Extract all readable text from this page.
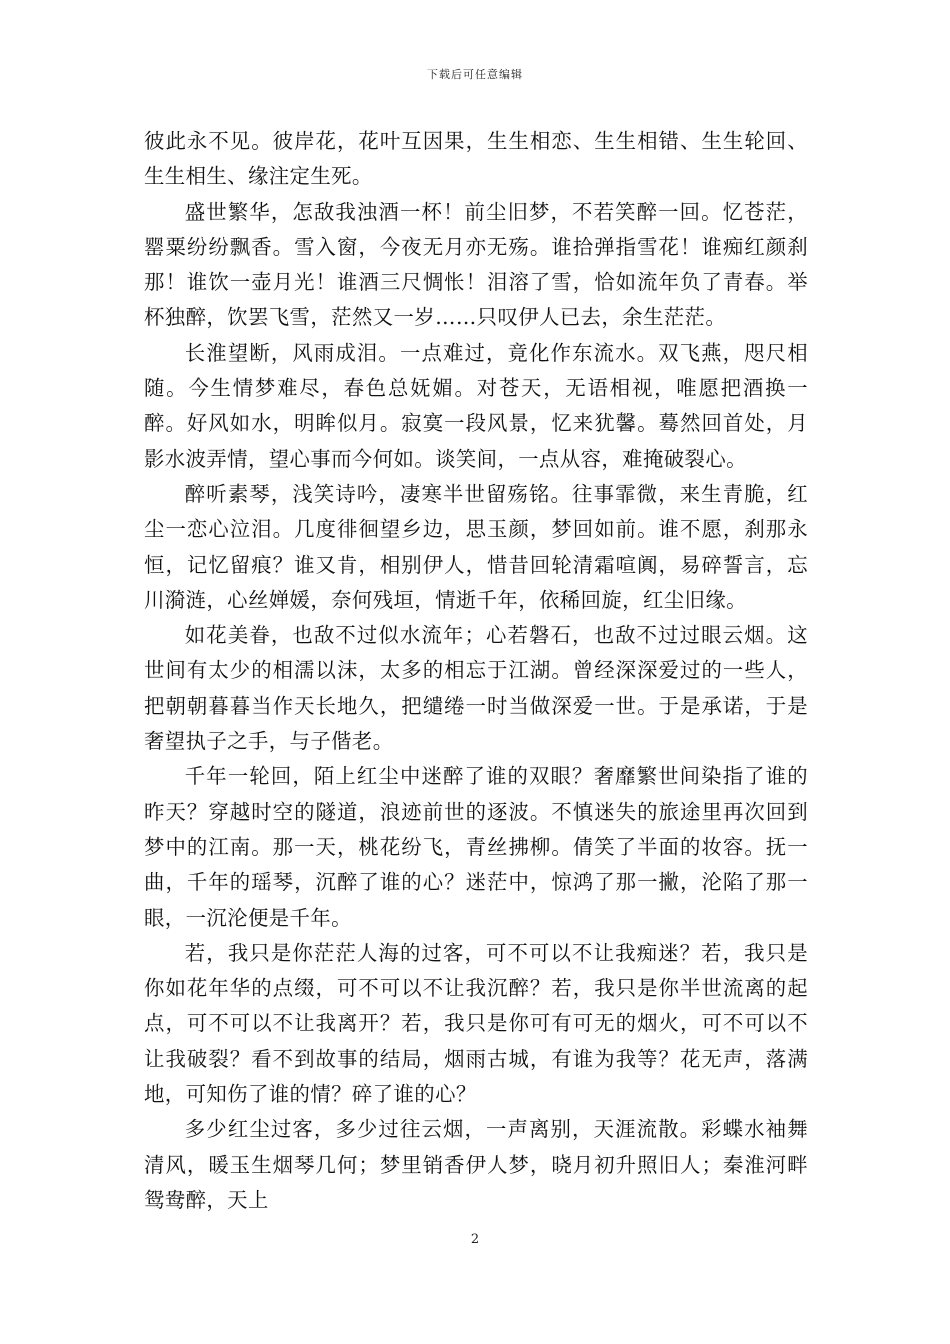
下载后可任意编辑

彼此永不见。彼岸花，花叶互因果，生生相恋、生生相错、生生轮回、生生相生、缘注定生死。

盛世繁华，怎敌我浊酒一杯！前尘旧梦，不若笑醉一回。忆苍茫，罂粟纷纷飘香。雪入窗，今夜无月亦无殇。谁拾弹指雪花！谁痴红颜刹那！谁饮一壶月光！谁酒三尺惆怅！泪溶了雪，恰如流年负了青春。举杯独醉，饮罢飞雪，茫然又一岁……只叹伊人已去，余生茫茫。

长淮望断，风雨成泪。一点难过，竟化作东流水。双飞燕，咫尺相随。今生情梦难尽，春色总妩媚。对苍天，无语相视，唯愿把酒换一醉。好风如水，明眸似月。寂寞一段风景，忆来犹馨。蓦然回首处，月影水波弄情，望心事而今何如。谈笑间，一点从容，难掩破裂心。

醉听素琴，浅笑诗吟，凄寒半世留殇铭。往事霏微，来生青脆，红尘一恋心泣泪。几度徘徊望乡边，思玉颜，梦回如前。谁不愿，刹那永恒，记忆留痕？谁又肯，相别伊人，惜昔回轮清霜喧阗，易碎誓言，忘川漪涟，心丝婵媛，奈何残垣，情逝千年，依稀回旋，红尘旧缘。

如花美眷，也敌不过似水流年；心若磐石，也敌不过过眼云烟。这世间有太少的相濡以沫，太多的相忘于江湖。曾经深深爱过的一些人，把朝朝暮暮当作天长地久，把缱绻一时当做深爱一世。于是承诺，于是奢望执子之手，与子偕老。

千年一轮回，陌上红尘中迷醉了谁的双眼？奢靡繁世间染指了谁的昨天？穿越时空的隧道，浪迹前世的逐波。不慎迷失的旅途里再次回到梦中的江南。那一天，桃花纷飞，青丝拂柳。倩笑了半面的妆容。抚一曲，千年的瑶琴，沉醉了谁的心？迷茫中，惊鸿了那一撇，沦陷了那一眼，一沉沦便是千年。

若，我只是你茫茫人海的过客，可不可以不让我痴迷？若，我只是你如花年华的点缀，可不可以不让我沉醉？若，我只是你半世流离的起点，可不可以不让我离开？若，我只是你可有可无的烟火，可不可以不让我破裂？看不到故事的结局，烟雨古城，有谁为我等？花无声，落满地，可知伤了谁的情？碎了谁的心？

多少红尘过客，多少过往云烟，一声离别，天涯流散。彩蝶水袖舞清风，暖玉生烟琴几何；梦里销香伊人梦，晓月初升照旧人；秦淮河畔鸳鸯醉，天上

2
